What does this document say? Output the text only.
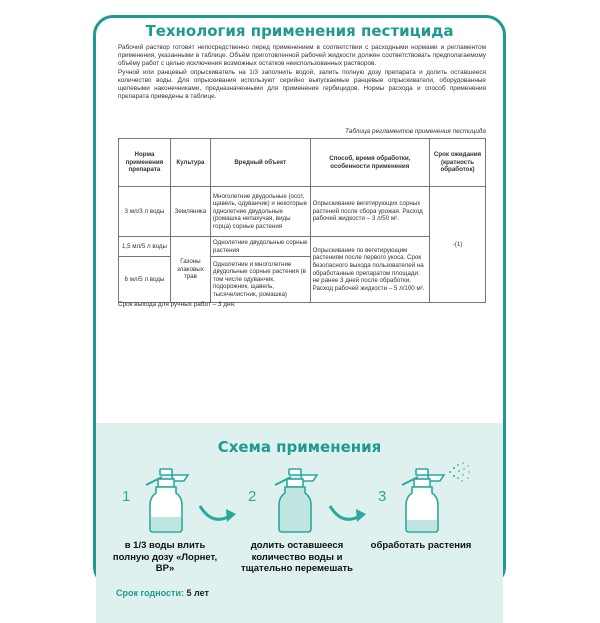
Технология применения пестицида

Рабочий раствор готовят непосредственно перед применением в соответствии с расходными нормами и регламентом применения, указанными в таблице. Объём приготовленной рабочей жидкости должен соответствовать предполагаемому объёму работ с целью исключения возможных остатков неиспользованных растворов.

Ручной или ранцевый опрыскиватель на 1/3 заполнить водой, залить полную дозу препарата и долить оставшееся количество воды. Для опрыскивания используют серийно выпускаемые ранцевые опрыскиватели, оборудованные щелевыми наконечниками, предназначенными для применения гербицидов. Нормы расхода и способ применения препарата приведены в таблице.

Таблица регламентов применения пестицида
Норма применения препарата	Культура	Вредный объект	Способ, время обработки, особенности применения	Срок ожидания (кратность обработок)
3 мл/3 л воды	Земляника	Многолетние двудольные (осот, щавель, одуванчик) и некоторые однолетние двудольные (ромашка непахучая, виды горца) сорные растения	Опрыскивание вегетирующих сорных растений после сбора урожая. Расход рабочей жидкости – 3 л/50 м².	-(1)
1,5 мл/5 л воды	Газоны злаковых трав	Однолетние двудольные сорные растения	Опрыскивание по вегетирующим растениям после первого укоса. Срок безопасного выхода пользователей на обработанные препаратом площади: не ранее 3 дней после обработки. Расход рабочей жидкости – 5 л/100 м².	
6 мл/5 л воды		Однолетние и многолетние двудольные сорные растения (в том числе одуванчик, подорожник, щавель, тысячелистник, ромашка)		
Срок выхода для ручных работ – 3 дня.
Схема применения
1
в 1/3 воды влить полную дозу «Лорнет, ВР»
2
долить оставшееся количество воды и тщательно перемешать
3
обработать растения
Срок годности: 5 лет
